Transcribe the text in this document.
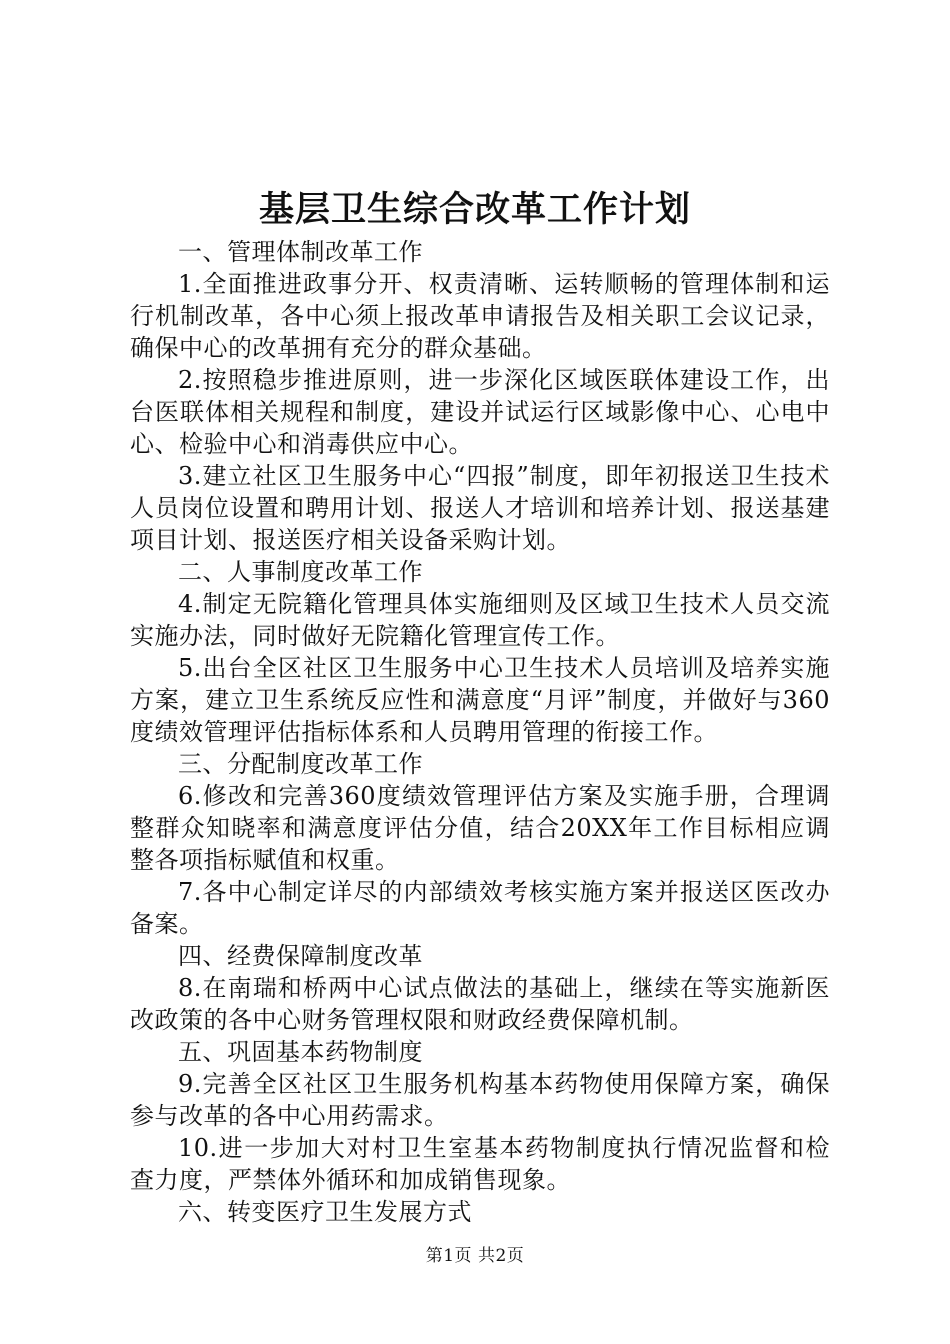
基层卫生综合改革工作计划

一、管理体制改革工作

1.全面推进政事分开、权责清晰、运转顺畅的管理体制和运行机制改革，各中心须上报改革申请报告及相关职工会议记录，确保中心的改革拥有充分的群众基础。

2.按照稳步推进原则，进一步深化区域医联体建设工作，出台医联体相关规程和制度，建设并试运行区域影像中心、心电中心、检验中心和消毒供应中心。

3.建立社区卫生服务中心“四报”制度，即年初报送卫生技术人员岗位设置和聘用计划、报送人才培训和培养计划、报送基建项目计划、报送医疗相关设备采购计划。

二、人事制度改革工作

4.制定无院籍化管理具体实施细则及区域卫生技术人员交流实施办法，同时做好无院籍化管理宣传工作。

5.出台全区社区卫生服务中心卫生技术人员培训及培养实施方案，建立卫生系统反应性和满意度“月评”制度，并做好与360度绩效管理评估指标体系和人员聘用管理的衔接工作。

三、分配制度改革工作

6.修改和完善360度绩效管理评估方案及实施手册，合理调整群众知晓率和满意度评估分值，结合20XX年工作目标相应调整各项指标赋值和权重。

7.各中心制定详尽的内部绩效考核实施方案并报送区医改办备案。

四、经费保障制度改革

8.在南瑞和桥两中心试点做法的基础上，继续在等实施新医改政策的各中心财务管理权限和财政经费保障机制。

五、巩固基本药物制度

9.完善全区社区卫生服务机构基本药物使用保障方案，确保参与改革的各中心用药需求。

10.进一步加大对村卫生室基本药物制度执行情况监督和检查力度，严禁体外循环和加成销售现象。

六、转变医疗卫生发展方式

第1页 共2页
